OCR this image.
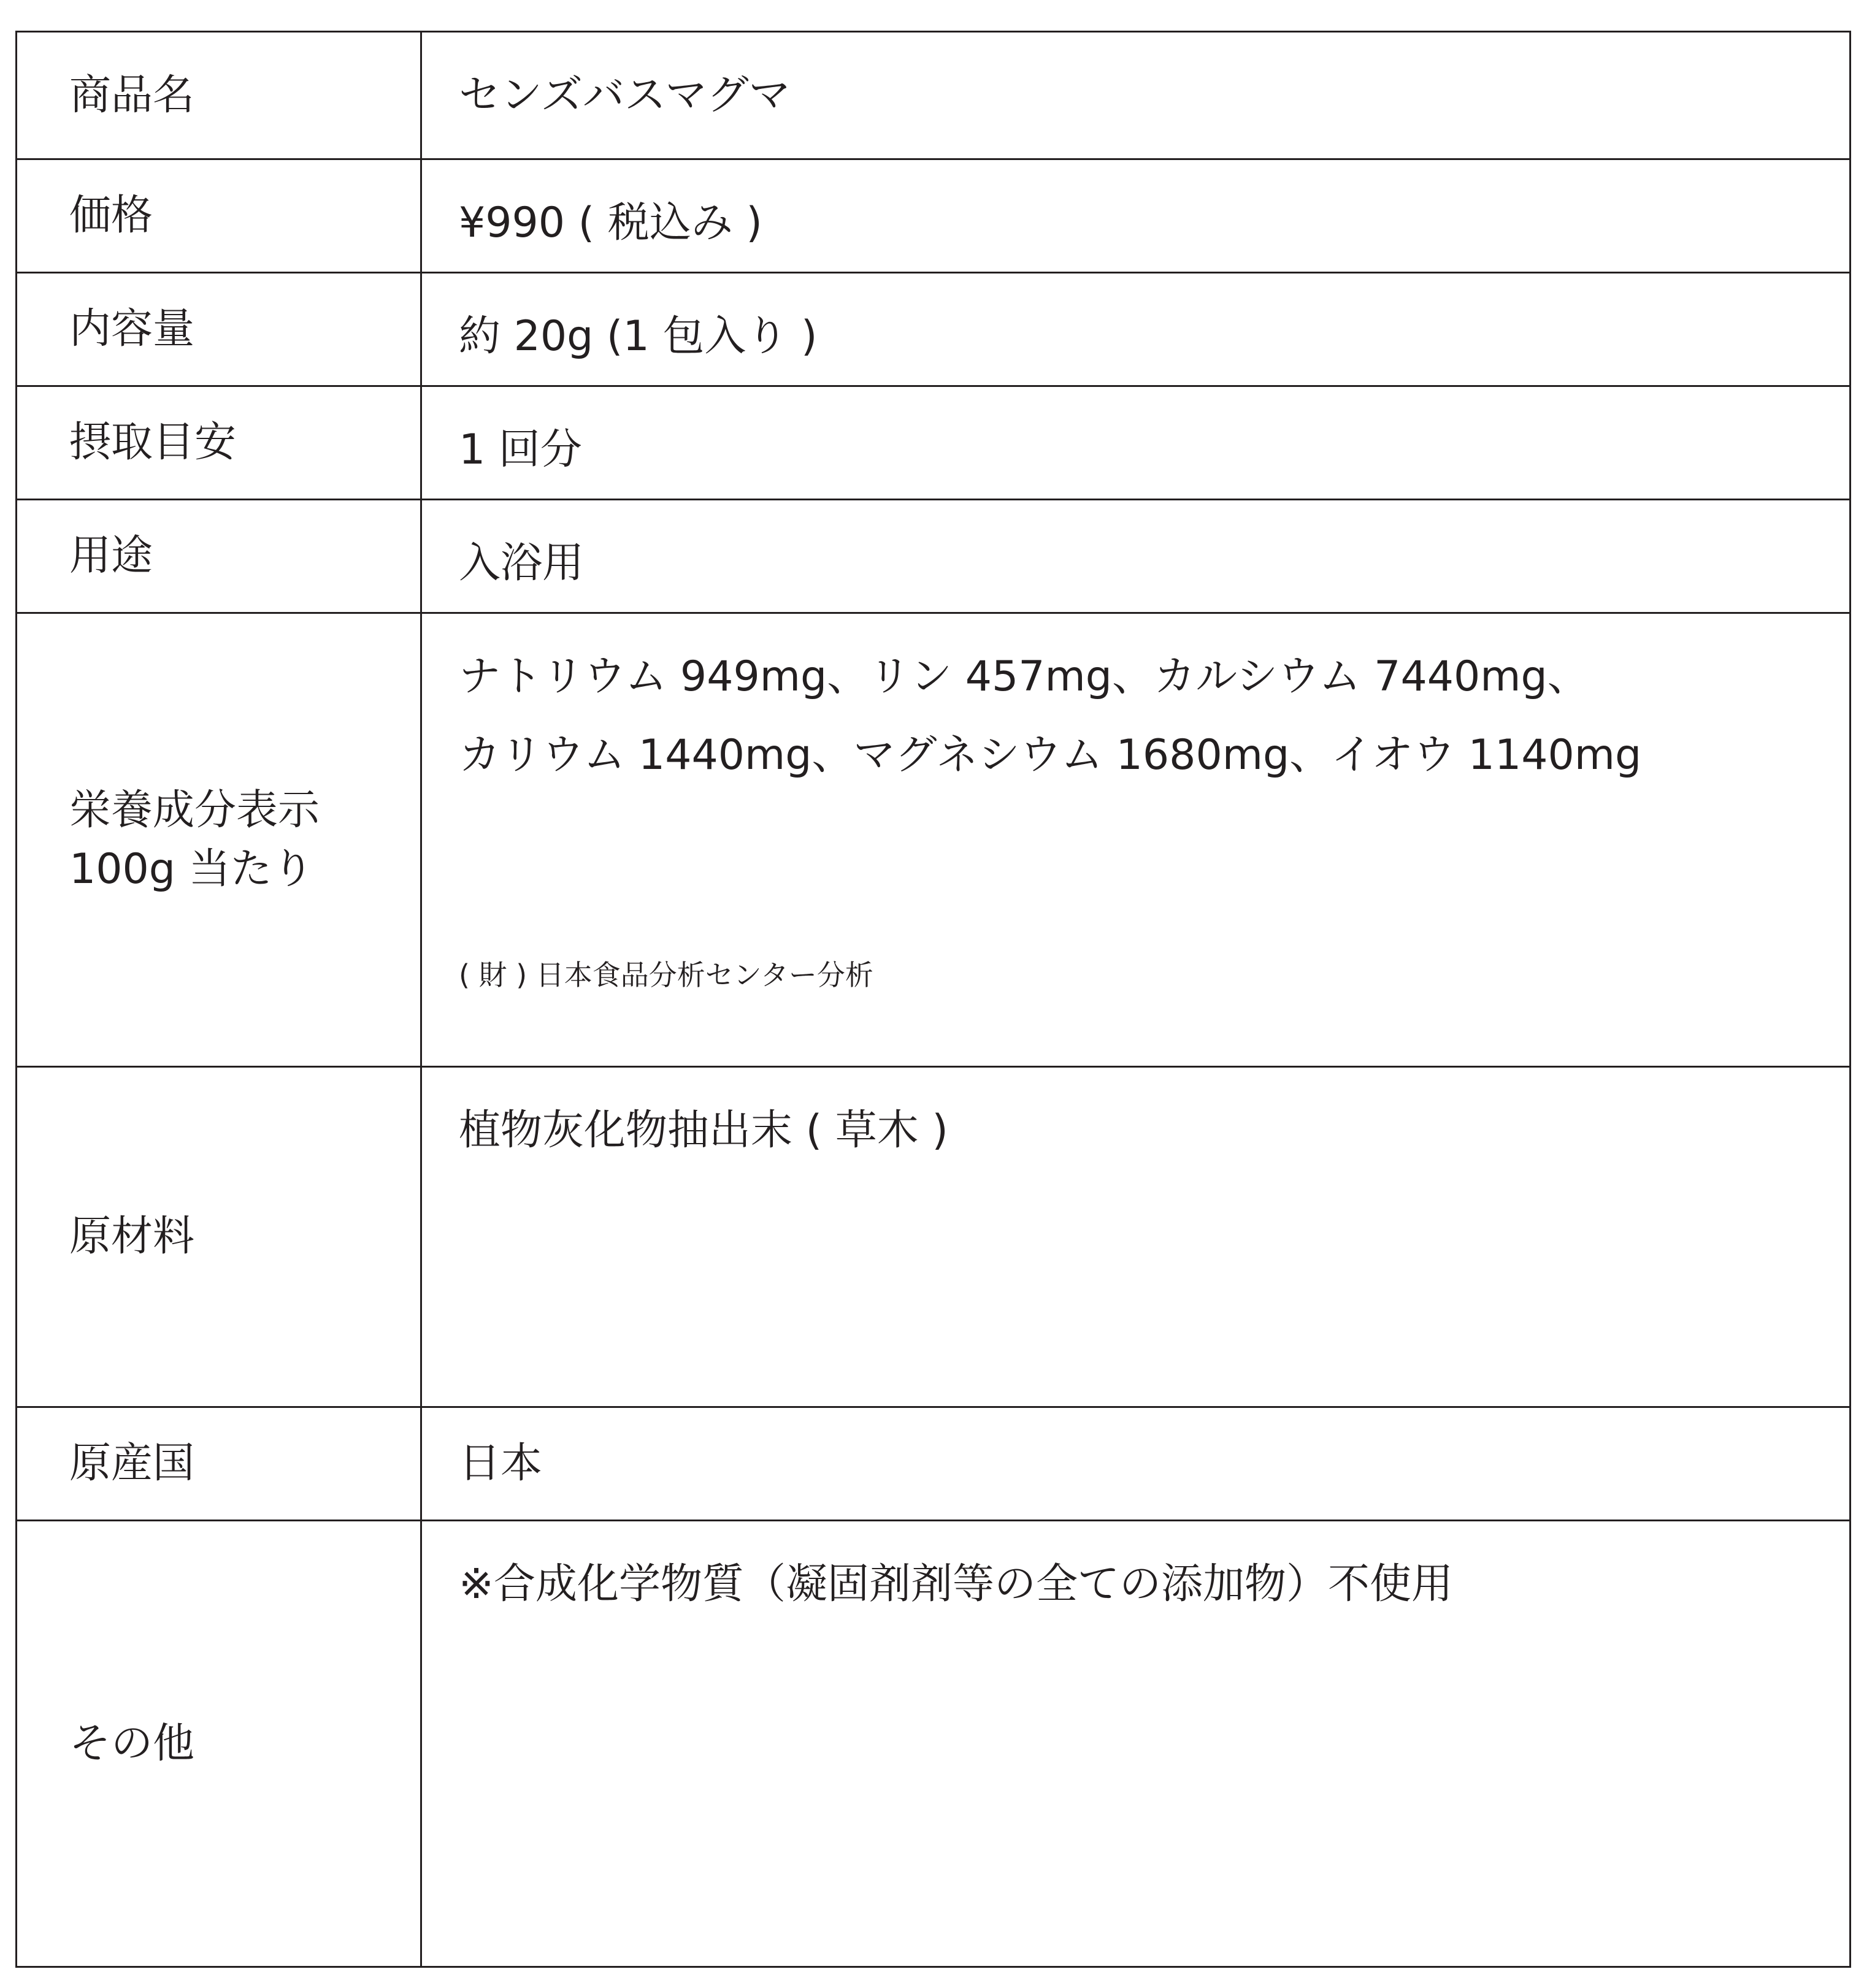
商品名	センズバスマグマ

価格	¥990 ( 税込み )

内容量	約 20g (1 包入り )

摂取目安	1 回分

用途	入浴用

栄養成分表示
100g 当たり	ナトリウム 949mg、リン 457mg、カルシウム 7440mg、
カリウム 1440mg、マグネシウム 1680mg、イオウ 1140mg
( 財 ) 日本食品分析センター分析

原材料	植物灰化物抽出末 ( 草木 )

原産国	日本

その他	※合成化学物質（凝固剤剤等の全ての添加物）不使用
